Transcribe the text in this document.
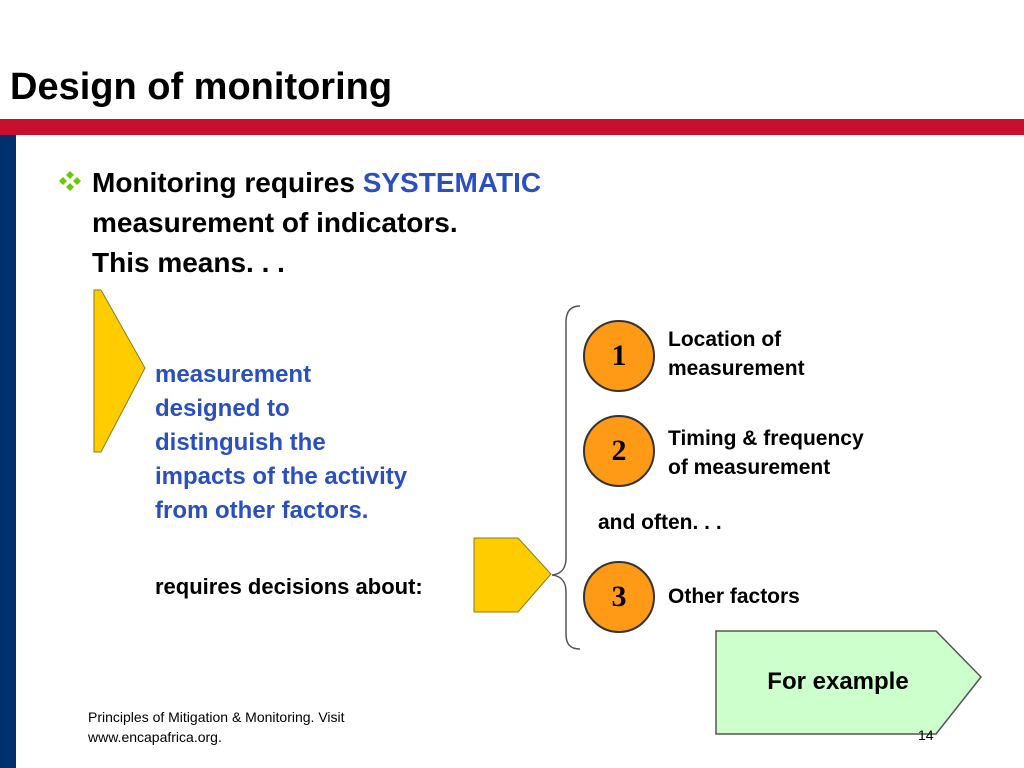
Design of monitoring
Monitoring requires SYSTEMATIC
measurement of indicators.
This means. . .
measurement
designed to
distinguish the
impacts of the activity
from other factors.
requires decisions about:
1
2
3
Location of
measurement
Timing & frequency
of measurement
Other factors
and often. . .
For example
Principles of Mitigation & Monitoring. Visit
www.encapafrica.org.	14
